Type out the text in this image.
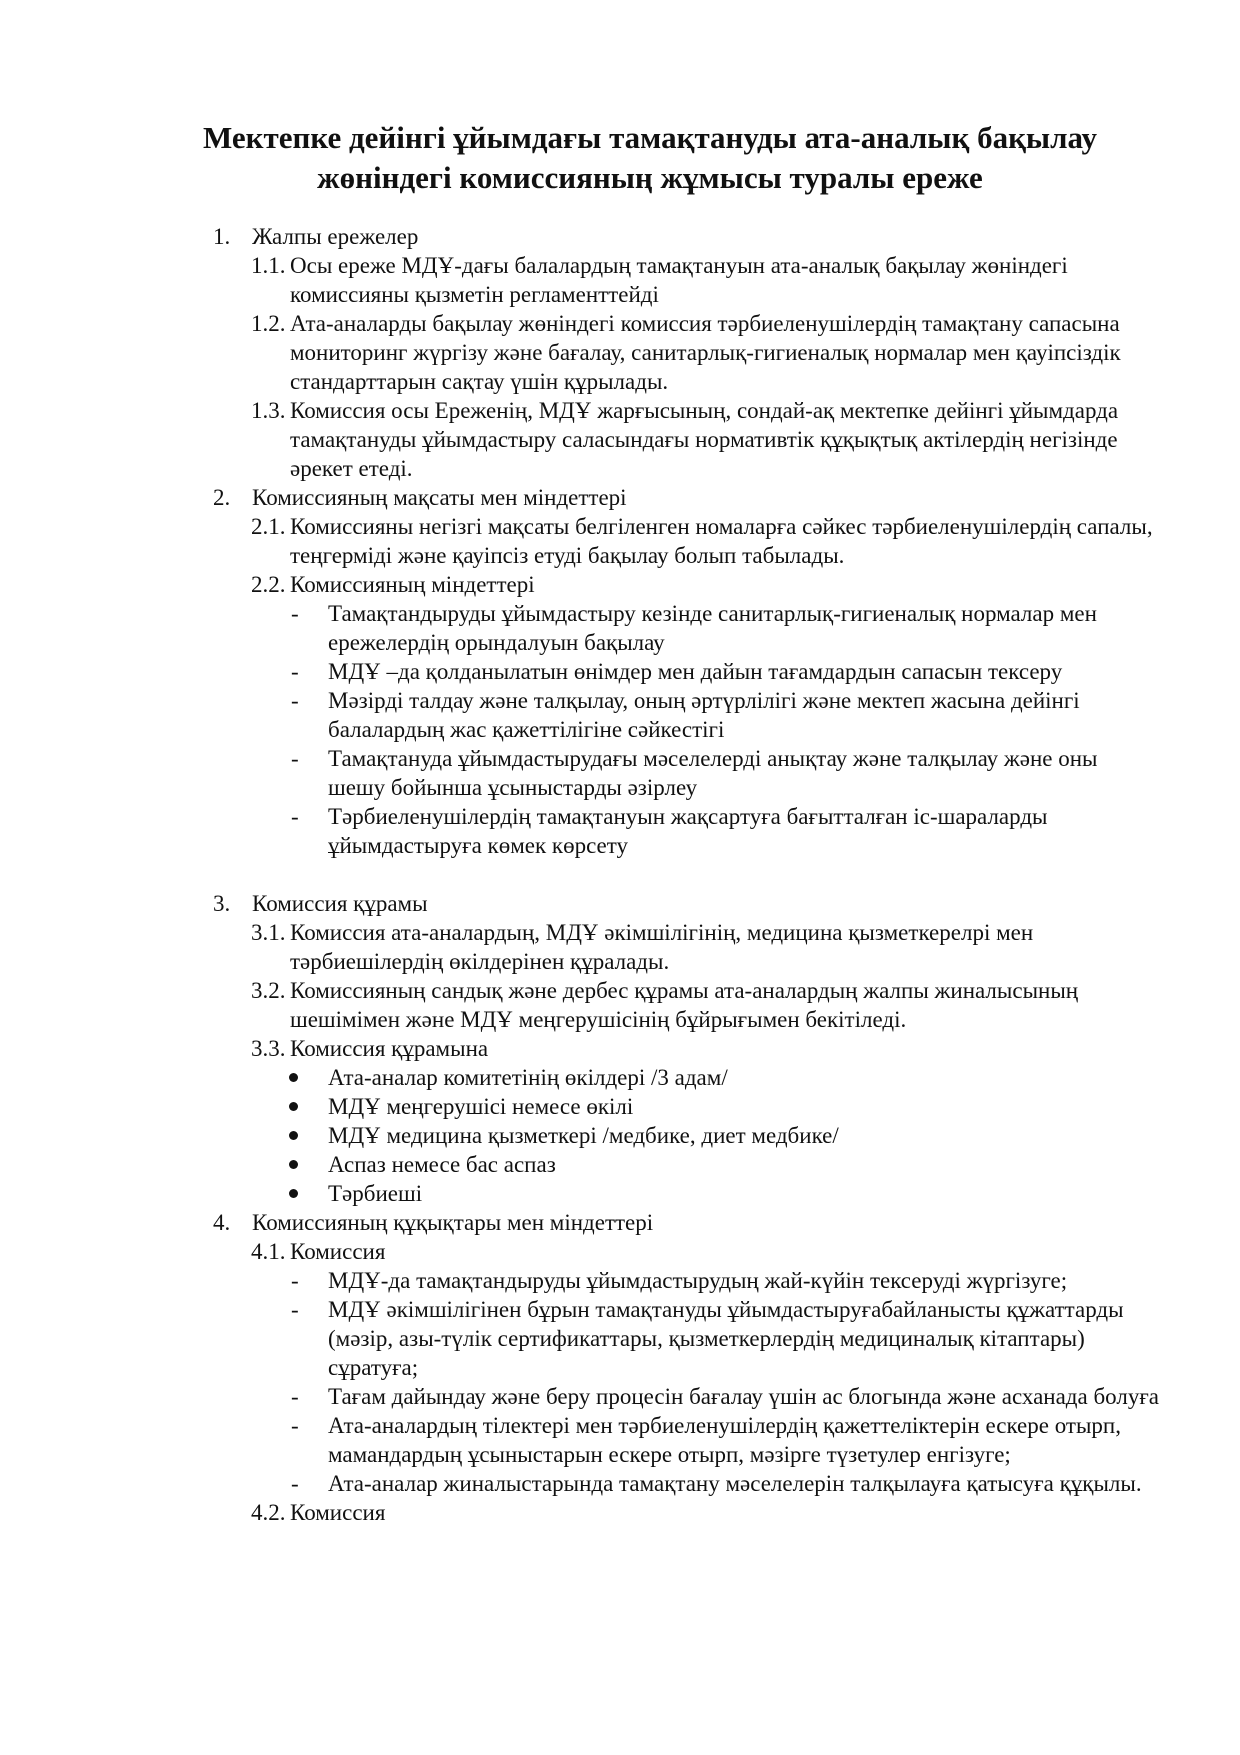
Мектепке дейінгі ұйымдағы тамақтануды ата-аналық бақылау
жөніндегі комиссияның жұмысы туралы ереже
1. Жалпы ережелер
1.1. Осы ереже МДҰ-дағы балалардың тамақтануын ата-аналық бақылау жөніндегі комиссияны қызметін регламенттейді
1.2. Ата-аналарды бақылау жөніндегі комиссия тәрбиеленушілердің тамақтану сапасына мониторинг жүргізу және бағалау, санитарлық-гигиеналық нормалар мен қауіпсіздік стандарттарын сақтау үшін құрылады.
1.3. Комиссия осы Ереженің, МДҰ жарғысының, сондай-ақ мектепке дейінгі ұйымдарда тамақтануды ұйымдастыру саласындағы нормативтік құқықтық актілердің негізінде әрекет етеді.
2. Комиссияның мақсаты мен міндеттері
2.1. Комиссияны негізгі мақсаты белгіленген номаларға сәйкес тәрбиеленушілердің сапалы, теңгерміді және қауіпсіз етуді бақылау болып табылады.
2.2. Комиссияның міндеттері
- Тамақтандыруды ұйымдастыру кезінде санитарлық-гигиеналық нормалар мен ережелердің орындалуын бақылау
- МДҰ –да қолданылатын өнімдер мен дайын тағамдардын сапасын тексеру
- Мәзірді талдау және талқылау, оның әртүрлілігі және мектеп жасына дейінгі балалардың жас қажеттілігіне сәйкестігі
- Тамақтануда ұйымдастырудағы мәселелерді анықтау және талқылау және оны шешу бойынша ұсыныстарды әзірлеу
- Тәрбиеленушілердің тамақтануын жақсартуға бағытталған іс-шараларды ұйымдастыруға көмек көрсету
3. Комиссия құрамы
3.1. Комиссия ата-аналардың, МДҰ әкімшілігінің, медицина қызметкерелрі мен тәрбиешілердің өкілдерінен құралады.
3.2. Комиссияның сандық және дербес құрамы ата-аналардың жалпы жиналысының шешімімен және МДҰ меңгерушісінің бұйрығымен бекітіледі.
3.3. Комиссия құрамына
Ата-аналар комитетінің өкілдері /3 адам/
МДҰ меңгерушісі немесе өкілі
МДҰ медицина қызметкері /медбике, диет медбике/
Аспаз немесе бас аспаз
Тәрбиеші
4. Комиссияның құқықтары мен міндеттері
4.1. Комиссия
- МДҰ-да тамақтандыруды ұйымдастырудың жай-күйін тексеруді жүргізуге;
- МДҰ әкімшілігінен бұрын тамақтануды ұйымдастыруғабайланысты құжаттарды (мәзір, азы-түлік сертификаттары, қызметкерлердің медициналық кітаптары) сұратуға;
- Тағам дайындау және беру процесін бағалау үшін ас блогында және асханада болуға
- Ата-аналардың тілектері мен тәрбиеленушілердің қажеттеліктерін ескере отырп, мамандардың ұсыныстарын ескере отырп, мәзірге түзетулер енгізуге;
- Ата-аналар жиналыстарында тамақтану мәселелерін талқылауға қатысуға құқылы.
4.2. Комиссия
